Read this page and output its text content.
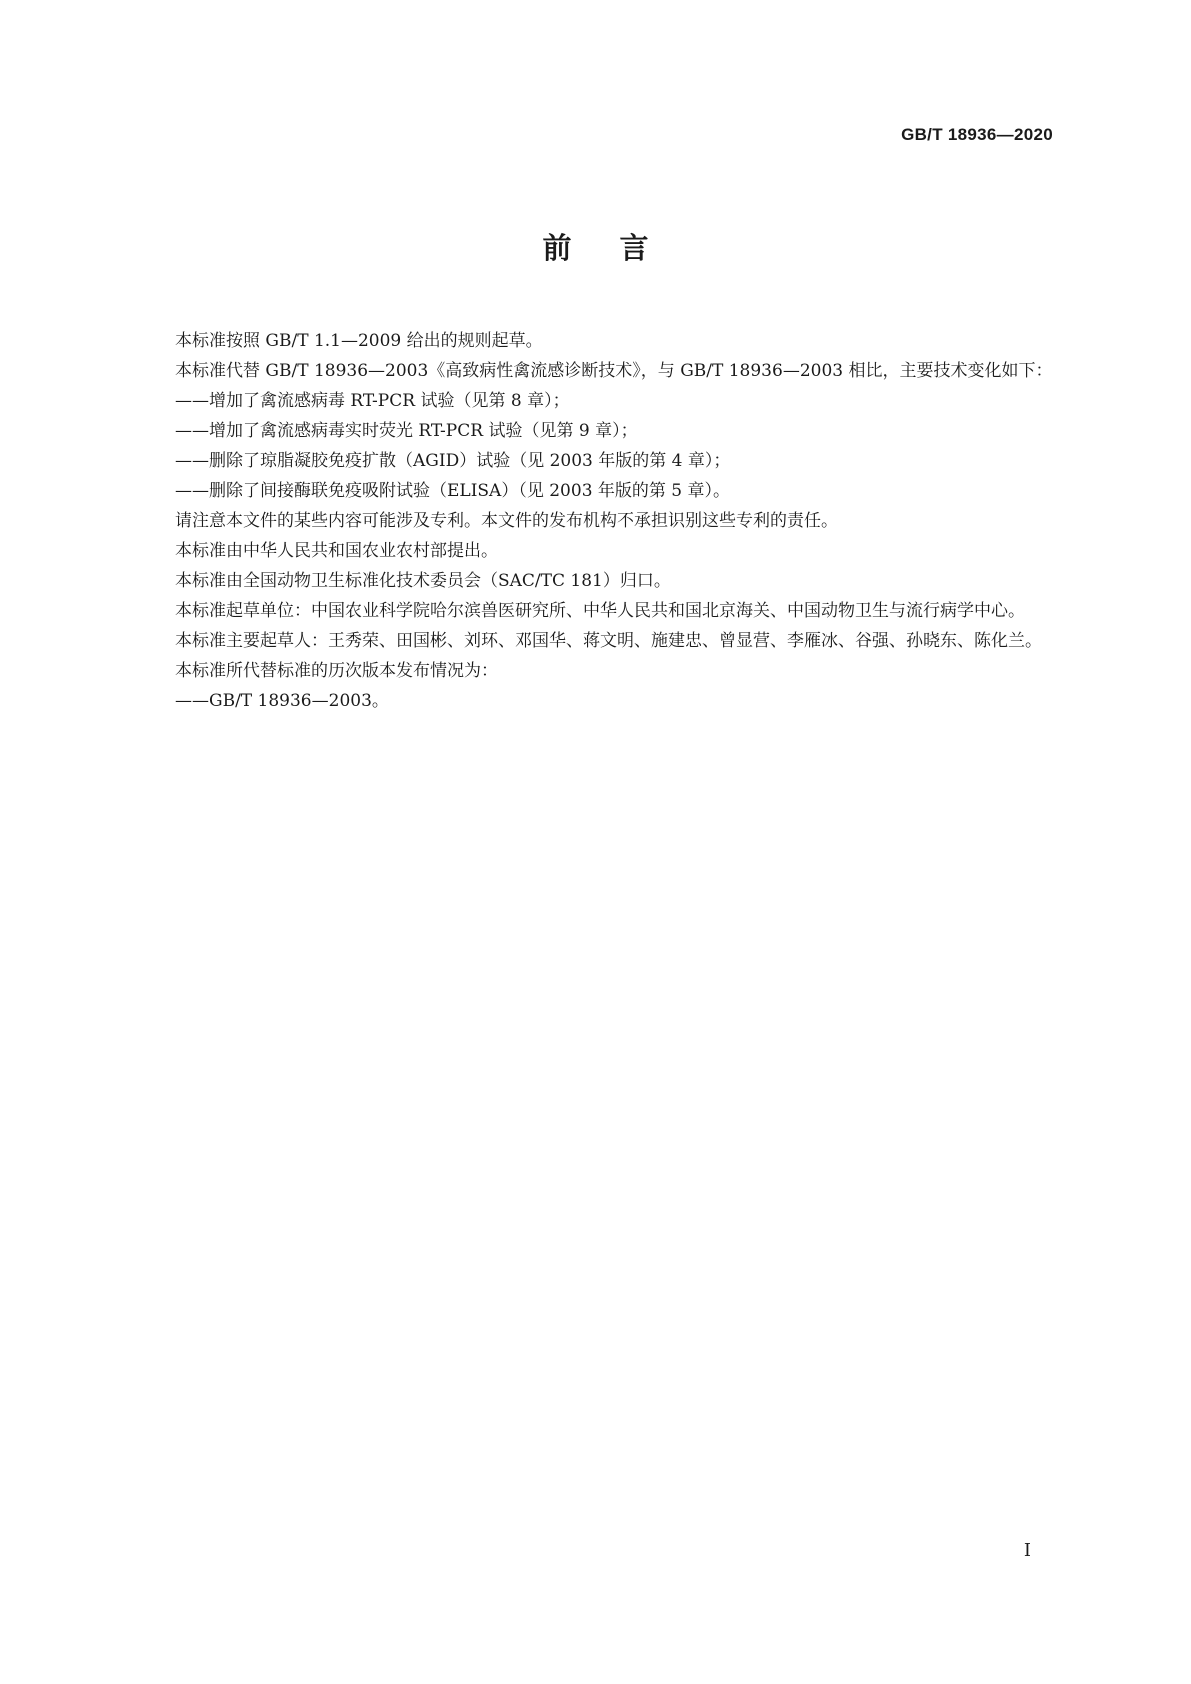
GB/T 18936—2020
前言

本标准按照 GB/T 1.1—2009 给出的规则起草。

本标准代替 GB/T 18936—2003《高致病性禽流感诊断技术》，与 GB/T 18936—2003 相比，主要技术变化如下：

——增加了禽流感病毒 RT-PCR 试验（见第 8 章）；

——增加了禽流感病毒实时荧光 RT-PCR 试验（见第 9 章）；

——删除了琼脂凝胶免疫扩散（AGID）试验（见 2003 年版的第 4 章）；

——删除了间接酶联免疫吸附试验（ELISA）（见 2003 年版的第 5 章）。

请注意本文件的某些内容可能涉及专利。本文件的发布机构不承担识别这些专利的责任。

本标准由中华人民共和国农业农村部提出。

本标准由全国动物卫生标准化技术委员会（SAC/TC 181）归口。

本标准起草单位：中国农业科学院哈尔滨兽医研究所、中华人民共和国北京海关、中国动物卫生与流行病学中心。

本标准主要起草人：王秀荣、田国彬、刘环、邓国华、蒋文明、施建忠、曾显营、李雁冰、谷强、孙晓东、陈化兰。

本标准所代替标准的历次版本发布情况为：

——GB/T 18936—2003。

I
